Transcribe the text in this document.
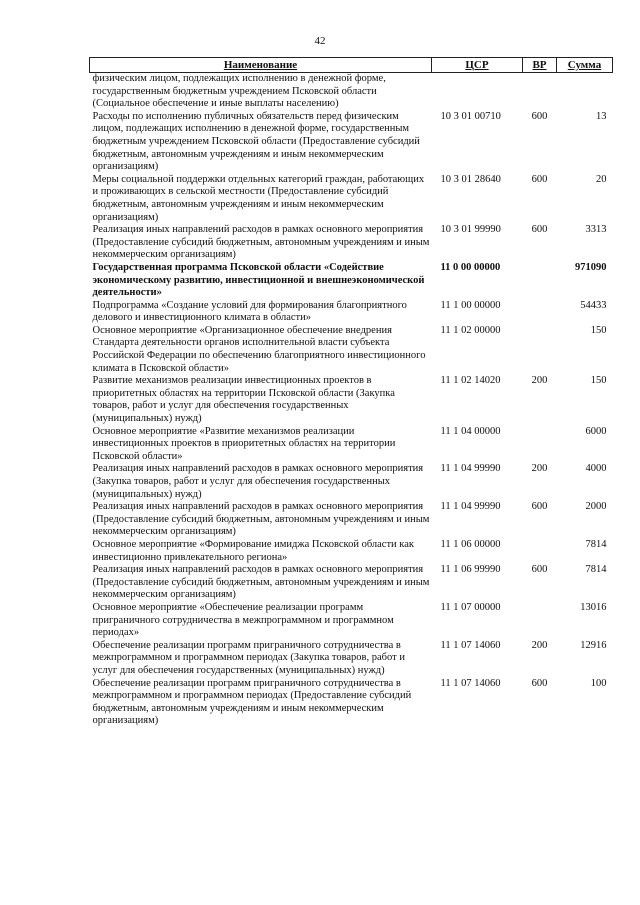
42
Наименование	ЦСР	ВР	Сумма
физическим лицом, подлежащих исполнению в денежной форме, государственным бюджетным учреждением Псковской области (Социальное обеспечение и иные выплаты населению)			
Расходы по исполнению публичных обязательств перед физическим лицом, подлежащих исполнению в денежной форме, государственным бюджетным учреждением Псковской области (Предоставление субсидий бюджетным, автономным учреждениям и иным некоммерческим организациям)	10 3 01 00710	600	13
Меры социальной поддержки отдельных категорий граждан, работающих и проживающих в сельской местности (Предоставление субсидий бюджетным, автономным учреждениям и иным некоммерческим организациям)	10 3 01 28640	600	20
Реализация иных направлений расходов в рамках основного мероприятия (Предоставление субсидий бюджетным, автономным учреждениям и иным некоммерческим организациям)	10 3 01 99990	600	3313
Государственная программа Псковской области «Содействие экономическому развитию, инвестиционной и внешнеэкономической деятельности»	11 0 00 00000		971090
Подпрограмма «Создание условий для формирования благоприятного делового и инвестиционного климата в области»	11 1 00 00000		54433
Основное мероприятие «Организационное обеспечение внедрения Стандарта деятельности органов исполнительной власти субъекта Российской Федерации по обеспечению благоприятного инвестиционного климата в Псковской области»	11 1 02 00000		150
Развитие механизмов реализации инвестиционных проектов в приоритетных областях на территории Псковской области (Закупка товаров, работ и услуг для обеспечения государственных (муниципальных) нужд)	11 1 02 14020	200	150
Основное мероприятие «Развитие механизмов реализации инвестиционных проектов в приоритетных областях на территории Псковской области»	11 1 04 00000		6000
Реализация иных направлений расходов в рамках основного мероприятия (Закупка товаров, работ и услуг для обеспечения государственных (муниципальных) нужд)	11 1 04 99990	200	4000
Реализация иных направлений расходов в рамках основного мероприятия (Предоставление субсидий бюджетным, автономным учреждениям и иным некоммерческим организациям)	11 1 04 99990	600	2000
Основное мероприятие «Формирование имиджа Псковской области как инвестиционно привлекательного региона»	11 1 06 00000		7814
Реализация иных направлений расходов в рамках основного мероприятия (Предоставление субсидий бюджетным, автономным учреждениям и иным некоммерческим организациям)	11 1 06 99990	600	7814
Основное мероприятие «Обеспечение реализации программ приграничного сотрудничества в межпрограммном и программном периодах»	11 1 07 00000		13016
Обеспечение реализации программ приграничного сотрудничества в межпрограммном и программном периодах (Закупка товаров, работ и услуг для обеспечения государственных (муниципальных) нужд)	11 1 07 14060	200	12916
Обеспечение реализации программ приграничного сотрудничества в межпрограммном и программном периодах (Предоставление субсидий бюджетным, автономным учреждениям и иным некоммерческим организациям)	11 1 07 14060	600	100
